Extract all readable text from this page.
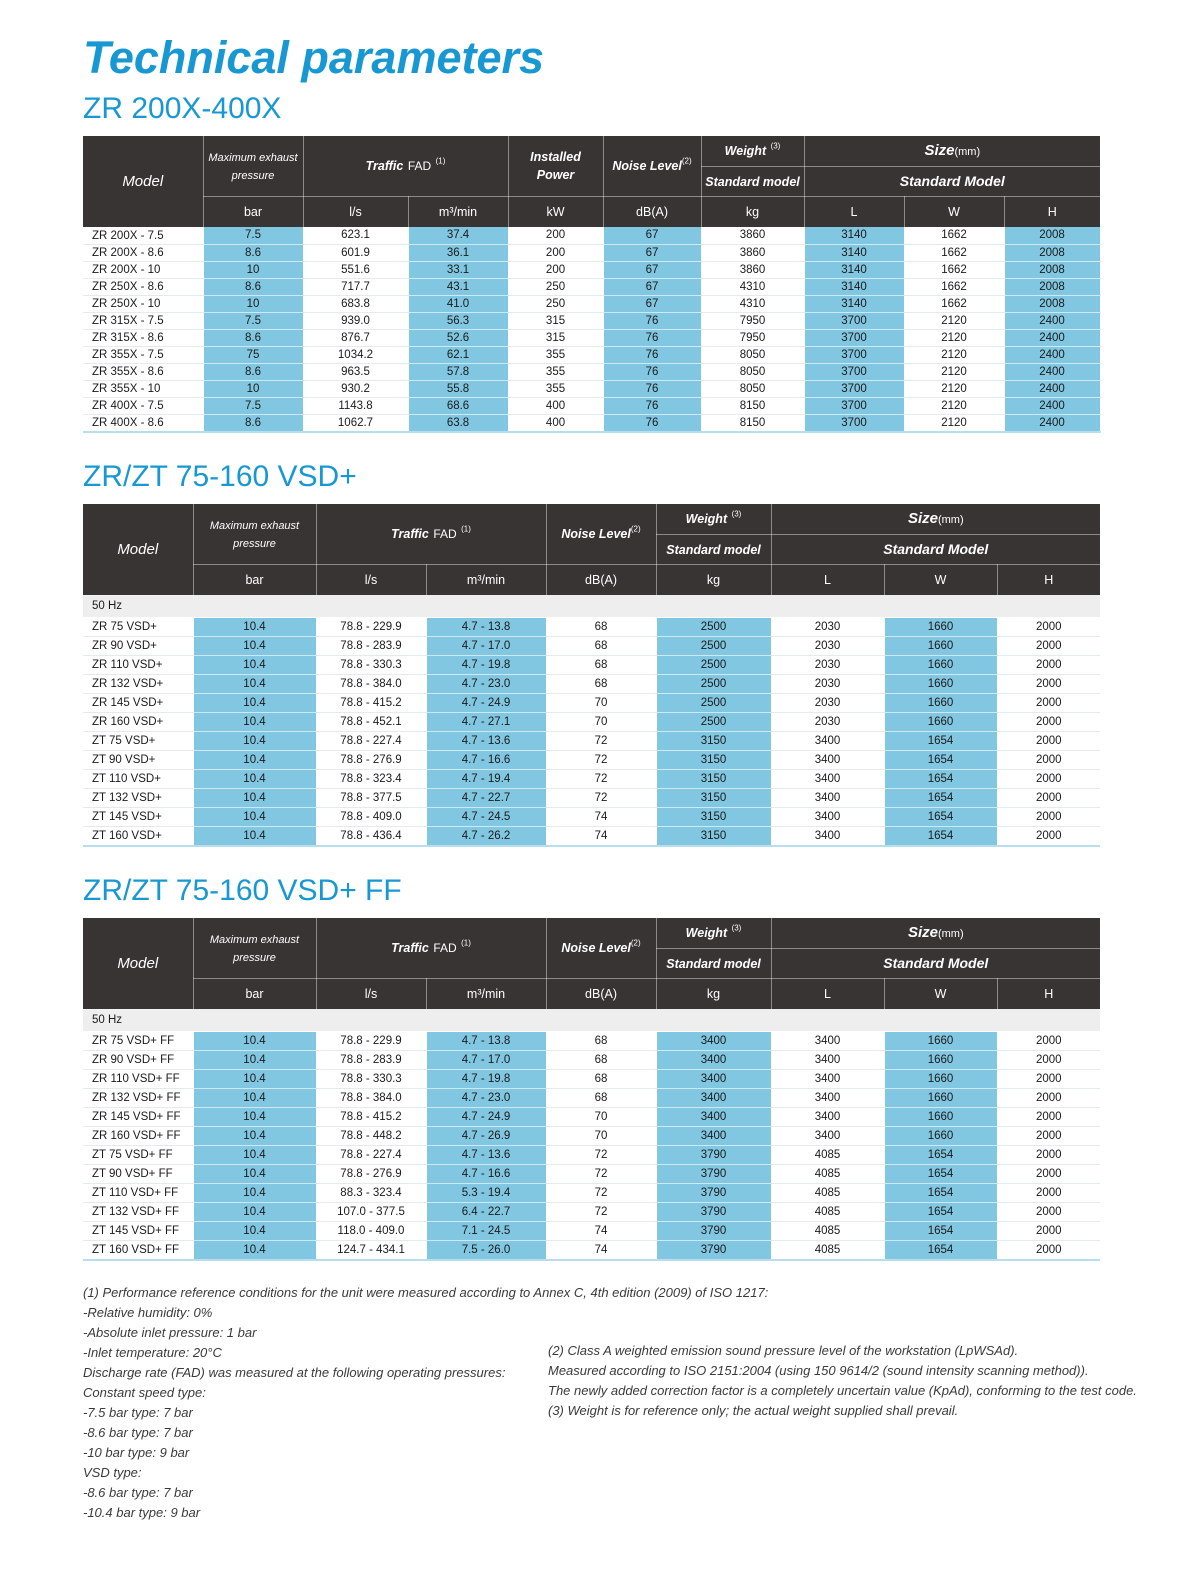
Technical parameters
ZR 200X-400X
Model	Maximum exhaust
pressure	Traffic FAD $^{(1)}$		Installed Power	Noise Level$^{(2)}$	Weight $^{(3)}$	Size(mm)		
						Standard model	Standard Model		
	bar	l/s	m³/min	kW	dB(A)	kg	L	W	H
ZR 200X - 7.5	7.5	623.1	37.4	200	67	3860	3140	1662	2008
ZR 200X - 8.6	8.6	601.9	36.1	200	67	3860	3140	1662	2008
ZR 200X - 10	10	551.6	33.1	200	67	3860	3140	1662	2008
ZR 250X - 8.6	8.6	717.7	43.1	250	67	4310	3140	1662	2008
ZR 250X - 10	10	683.8	41.0	250	67	4310	3140	1662	2008
ZR 315X - 7.5	7.5	939.0	56.3	315	76	7950	3700	2120	2400
ZR 315X - 8.6	8.6	876.7	52.6	315	76	7950	3700	2120	2400
ZR 355X - 7.5	75	1034.2	62.1	355	76	8050	3700	2120	2400
ZR 355X - 8.6	8.6	963.5	57.8	355	76	8050	3700	2120	2400
ZR 355X - 10	10	930.2	55.8	355	76	8050	3700	2120	2400
ZR 400X - 7.5	7.5	1143.8	68.6	400	76	8150	3700	2120	2400
ZR 400X - 8.6	8.6	1062.7	63.8	400	76	8150	3700	2120	2400
ZR/ZT 75-160 VSD+
Model	Maximum exhaust
pressure	Traffic FAD $^{(1)}$		Noise Level$^{(2)}$	Weight $^{(3)}$	Size(mm)		
					Standard model	Standard Model		
	bar	l/s	m³/min	dB(A)	kg	L	W	H
50 Hz								
ZR 75 VSD+	10.4	78.8 - 229.9	4.7 - 13.8	68	2500	2030	1660	2000
ZR 90 VSD+	10.4	78.8 - 283.9	4.7 - 17.0	68	2500	2030	1660	2000
ZR 110 VSD+	10.4	78.8 - 330.3	4.7 - 19.8	68	2500	2030	1660	2000
ZR 132 VSD+	10.4	78.8 - 384.0	4.7 - 23.0	68	2500	2030	1660	2000
ZR 145 VSD+	10.4	78.8 - 415.2	4.7 - 24.9	70	2500	2030	1660	2000
ZR 160 VSD+	10.4	78.8 - 452.1	4.7 - 27.1	70	2500	2030	1660	2000
ZT 75 VSD+	10.4	78.8 - 227.4	4.7 - 13.6	72	3150	3400	1654	2000
ZT 90 VSD+	10.4	78.8 - 276.9	4.7 - 16.6	72	3150	3400	1654	2000
ZT 110 VSD+	10.4	78.8 - 323.4	4.7 - 19.4	72	3150	3400	1654	2000
ZT 132 VSD+	10.4	78.8 - 377.5	4.7 - 22.7	72	3150	3400	1654	2000
ZT 145 VSD+	10.4	78.8 - 409.0	4.7 - 24.5	74	3150	3400	1654	2000
ZT 160 VSD+	10.4	78.8 - 436.4	4.7 - 26.2	74	3150	3400	1654	2000
ZR/ZT 75-160 VSD+ FF
Model	Maximum exhaust
pressure	Traffic FAD $^{(1)}$		Noise Level$^{(2)}$	Weight $^{(3)}$	Size(mm)		
					Standard model	Standard Model		
	bar	l/s	m³/min	dB(A)	kg	L	W	H
50 Hz								
ZR 75 VSD+ FF	10.4	78.8 - 229.9	4.7 - 13.8	68	3400	3400	1660	2000
ZR 90 VSD+ FF	10.4	78.8 - 283.9	4.7 - 17.0	68	3400	3400	1660	2000
ZR 110 VSD+ FF	10.4	78.8 - 330.3	4.7 - 19.8	68	3400	3400	1660	2000
ZR 132 VSD+ FF	10.4	78.8 - 384.0	4.7 - 23.0	68	3400	3400	1660	2000
ZR 145 VSD+ FF	10.4	78.8 - 415.2	4.7 - 24.9	70	3400	3400	1660	2000
ZR 160 VSD+ FF	10.4	78.8 - 448.2	4.7 - 26.9	70	3400	3400	1660	2000
ZT 75 VSD+ FF	10.4	78.8 - 227.4	4.7 - 13.6	72	3790	4085	1654	2000
ZT 90 VSD+ FF	10.4	78.8 - 276.9	4.7 - 16.6	72	3790	4085	1654	2000
ZT 110 VSD+ FF	10.4	88.3 - 323.4	5.3 - 19.4	72	3790	4085	1654	2000
ZT 132 VSD+ FF	10.4	107.0 - 377.5	6.4 - 22.7	72	3790	4085	1654	2000
ZT 145 VSD+ FF	10.4	118.0 - 409.0	7.1 - 24.5	74	3790	4085	1654	2000
ZT 160 VSD+ FF	10.4	124.7 - 434.1	7.5 - 26.0	74	3790	4085	1654	2000

(1) Performance reference conditions for the unit were measured according to Annex C, 4th edition (2009) of ISO 1217:

-Relative humidity: 0%

-Absolute inlet pressure: 1 bar

-Inlet temperature: 20°C

Discharge rate (FAD) was measured at the following operating pressures:

Constant speed type:

-7.5 bar type: 7 bar

-8.6 bar type: 7 bar

-10 bar type: 9 bar

VSD type:

-8.6 bar type: 7 bar

-10.4 bar type: 9 bar

(2) Class A weighted emission sound pressure level of the workstation (LpWSAd).

Measured according to ISO 2151:2004 (using 150 9614/2 (sound intensity scanning method)).

The newly added correction factor is a completely uncertain value (KpAd), conforming to the test code.

(3) Weight is for reference only; the actual weight supplied shall prevail.
